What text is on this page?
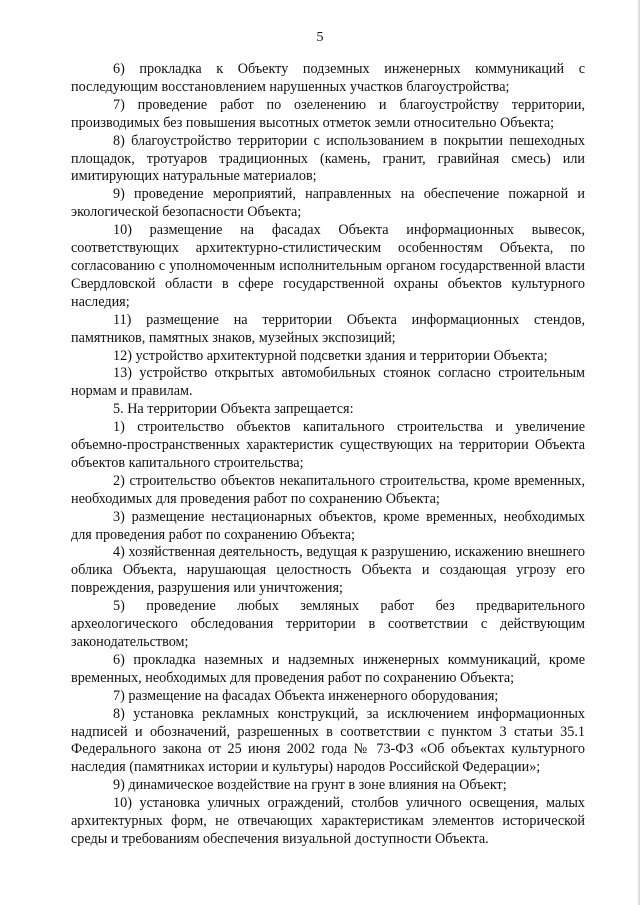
5

6) прокладка к Объекту подземных инженерных коммуникаций с последующим восстановлением нарушенных участков благоустройства;

7) проведение работ по озеленению и благоустройству территории, производимых без повышения высотных отметок земли относительно Объекта;

8) благоустройство территории с использованием в покрытии пешеходных площадок, тротуаров традиционных (камень, гранит, гравийная смесь) или имитирующих натуральные материалов;

9) проведение мероприятий, направленных на обеспечение пожарной и экологической безопасности Объекта;

10) размещение на фасадах Объекта информационных вывесок, соответствующих архитектурно-стилистическим особенностям Объекта, по согласованию с уполномоченным исполнительным органом государственной власти Свердловской области в сфере государственной охраны объектов культурного наследия;

11) размещение на территории Объекта информационных стендов, памятников, памятных знаков, музейных экспозиций;

12) устройство архитектурной подсветки здания и территории Объекта;

13) устройство открытых автомобильных стоянок согласно строительным нормам и правилам.

5. На территории Объекта запрещается:

1) строительство объектов капитального строительства и увеличение объемно-пространственных характеристик существующих на территории Объекта объектов капитального строительства;

2) строительство объектов некапитального строительства, кроме временных, необходимых для проведения работ по сохранению Объекта;

3) размещение нестационарных объектов, кроме временных, необходимых для проведения работ по сохранению Объекта;

4) хозяйственная деятельность, ведущая к разрушению, искажению внешнего облика Объекта, нарушающая целостность Объекта и создающая угрозу его повреждения, разрушения или уничтожения;

5) проведение любых земляных работ без предварительного археологического обследования территории в соответствии с действующим законодательством;

6) прокладка наземных и надземных инженерных коммуникаций, кроме временных, необходимых для проведения работ по сохранению Объекта;

7) размещение на фасадах Объекта инженерного оборудования;

8) установка рекламных конструкций, за исключением информационных надписей и обозначений, разрешенных в соответствии с пунктом 3 статьи 35.1 Федерального закона от 25 июня 2002 года № 73-ФЗ «Об объектах культурного наследия (памятниках истории и культуры) народов Российской Федерации»;

9) динамическое воздействие на грунт в зоне влияния на Объект;

10) установка уличных ограждений, столбов уличного освещения, малых архитектурных форм, не отвечающих характеристикам элементов исторической среды и требованиям обеспечения визуальной доступности Объекта.
